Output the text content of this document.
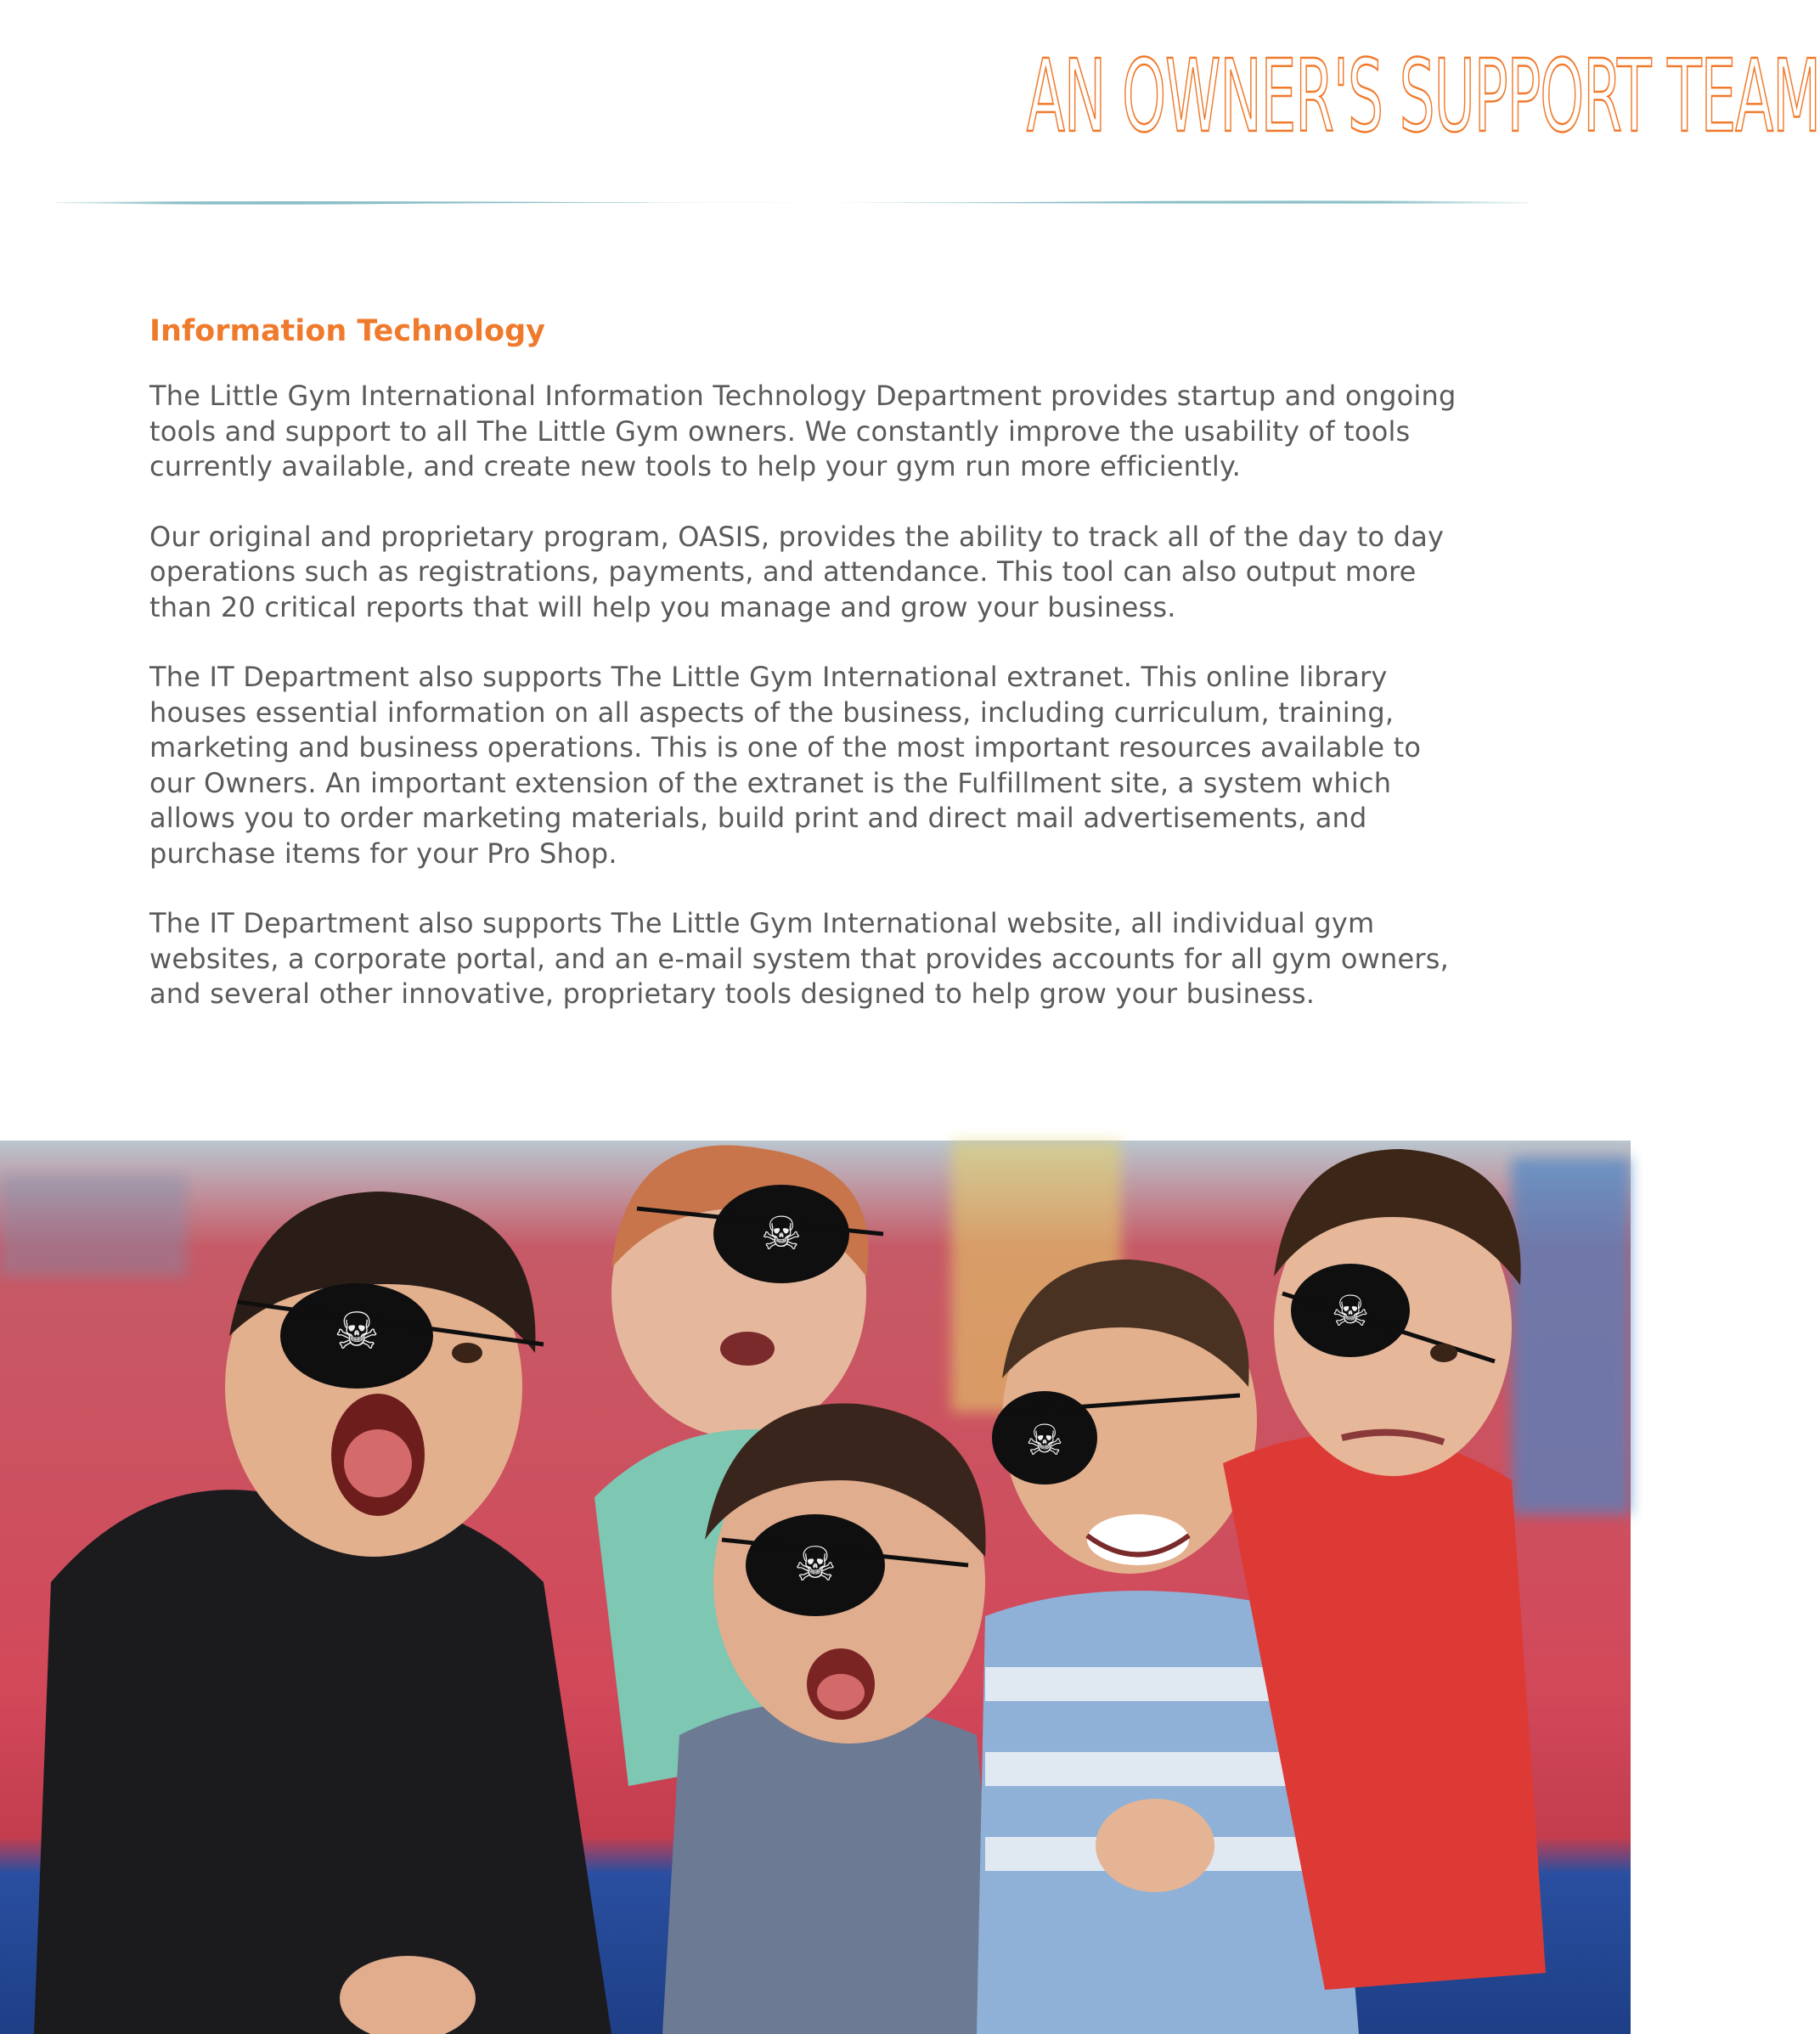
AN OWNER'S SUPPORT TEAM
Information Technology

The Little Gym International Information Technology Department provides startup and ongoing tools and support to all The Little Gym owners. We constantly improve the usability of tools currently available, and create new tools to help your gym run more efficiently.

Our original and proprietary program, OASIS, provides the ability to track all of the day to day operations such as registrations, payments, and attendance. This tool can also output more than 20 critical reports that will help you manage and grow your business.

The IT Department also supports The Little Gym International extranet. This online library houses essential information on all aspects of the business, including curriculum, training, marketing and business operations. This is one of the most important resources available to our Owners. An important extension of the extranet is the Fulfillment site, a system which allows you to order marketing materials, build print and direct mail advertisements, and purchase items for your Pro Shop.

The IT Department also supports The Little Gym International website, all individual gym websites, a corporate portal, and an e-mail system that provides accounts for all gym owners, and several other innovative, proprietary tools designed to help grow your business.

☠
☠
☠
☠
☠
